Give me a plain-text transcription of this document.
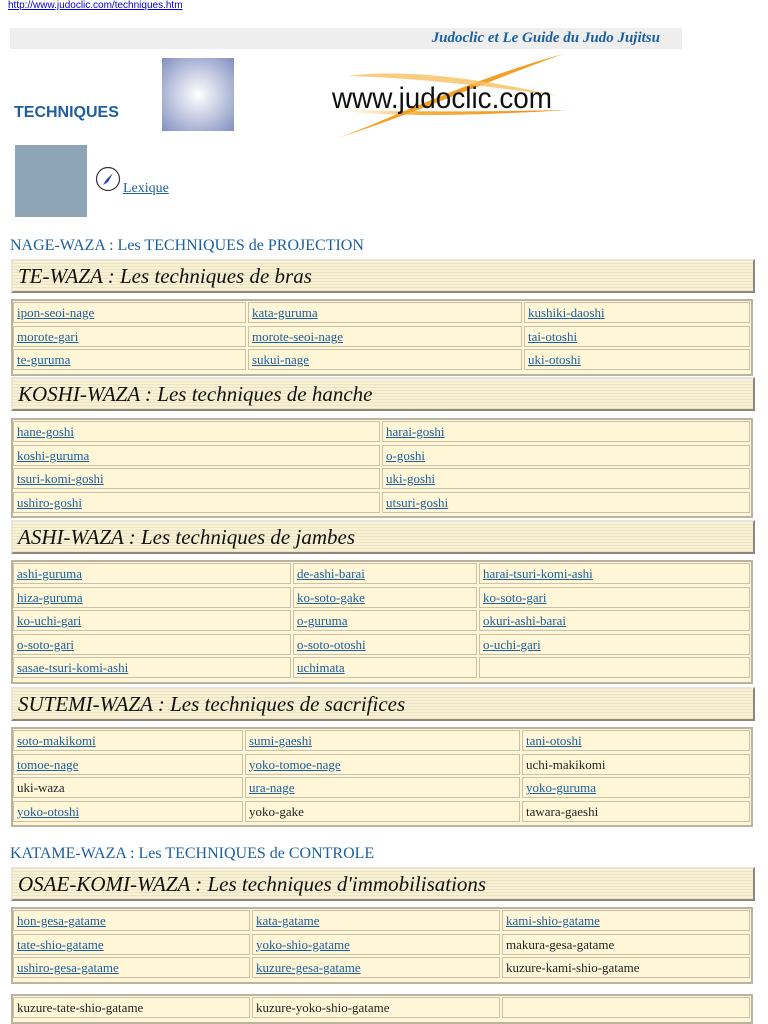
http://www.judoclic.com/techniques.htm
Judoclic et Le Guide du Judo Jujitsu
TECHNIQUES	www.judoclic.com
Lexique
NAGE-WAZA : Les TECHNIQUES de PROJECTION
KATAME-WAZA : Les TECHNIQUES de CONTROLE
TE-WAZA : Les techniques de bras
ipon-seoi-nage	kata-guruma	kushiki-daoshi
morote-gari	morote-seoi-nage	tai-otoshi
te-guruma	sukui-nage	uki-otoshi
KOSHI-WAZA : Les techniques de hanche
hane-goshi	harai-goshi
koshi-guruma	o-goshi
tsuri-komi-goshi	uki-goshi
ushiro-goshi	utsuri-goshi
ASHI-WAZA : Les techniques de jambes
ashi-guruma	de-ashi-barai	harai-tsuri-komi-ashi
hiza-guruma	ko-soto-gake	ko-soto-gari
ko-uchi-gari	o-guruma	okuri-ashi-barai
o-soto-gari	o-soto-otoshi	o-uchi-gari
sasae-tsuri-komi-ashi	uchimata
SUTEMI-WAZA : Les techniques de sacrifices
soto-makikomi	sumi-gaeshi	tani-otoshi
tomoe-nage	yoko-tomoe-nage	uchi-makikomi
uki-waza	ura-nage	yoko-guruma
yoko-otoshi	yoko-gake	tawara-gaeshi
OSAE-KOMI-WAZA : Les techniques d'immobilisations
hon-gesa-gatame	kata-gatame	kami-shio-gatame
tate-shio-gatame	yoko-shio-gatame	makura-gesa-gatame
ushiro-gesa-gatame	kuzure-gesa-gatame	kuzure-kami-shio-gatame
kuzure-tate-shio-gatame	kuzure-yoko-shio-gatame
